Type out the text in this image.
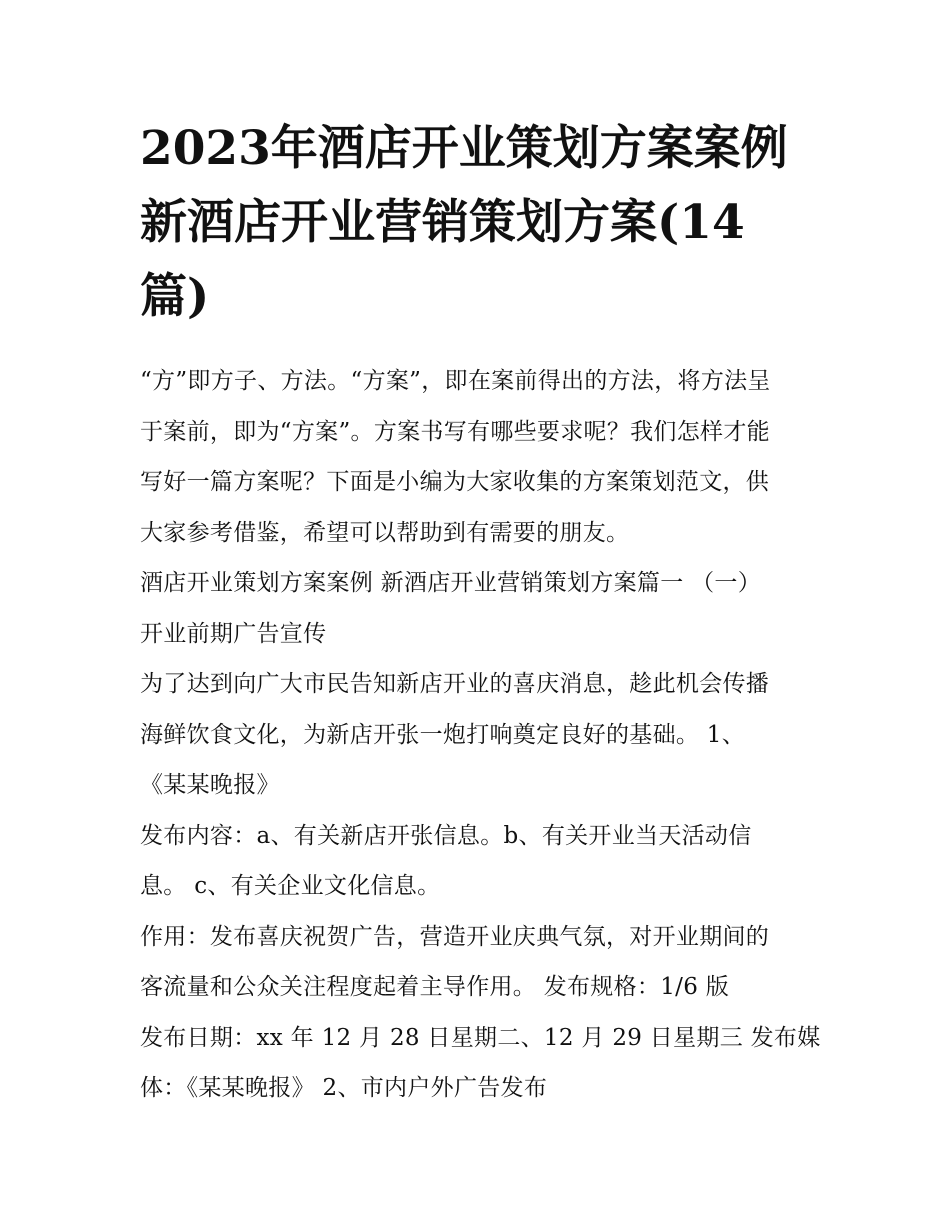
2023年酒店开业策划方案案例
新酒店开业营销策划方案(14
篇)

“方”即方子、方法。“方案”，即在案前得出的方法，将方法呈
于案前，即为“方案”。方案书写有哪些要求呢？我们怎样才能
写好一篇方案呢？下面是小编为大家收集的方案策划范文，供
大家参考借鉴，希望可以帮助到有需要的朋友。

酒店开业策划方案案例 新酒店开业营销策划方案篇一 （一）
开业前期广告宣传

为了达到向广大市民告知新店开业的喜庆消息，趁此机会传播
海鲜饮食文化，为新店开张一炮打响奠定良好的基础。 1、
《某某晚报》

发布内容：a、有关新店开张信息。b、有关开业当天活动信
息。 c、有关企业文化信息。

作用：发布喜庆祝贺广告，营造开业庆典气氛，对开业期间的
客流量和公众关注程度起着主导作用。 发布规格：1/6 版

发布日期：xx 年 12 月 28 日星期二、12 月 29 日星期三 发布媒
体：《某某晚报》 2、市内户外广告发布
